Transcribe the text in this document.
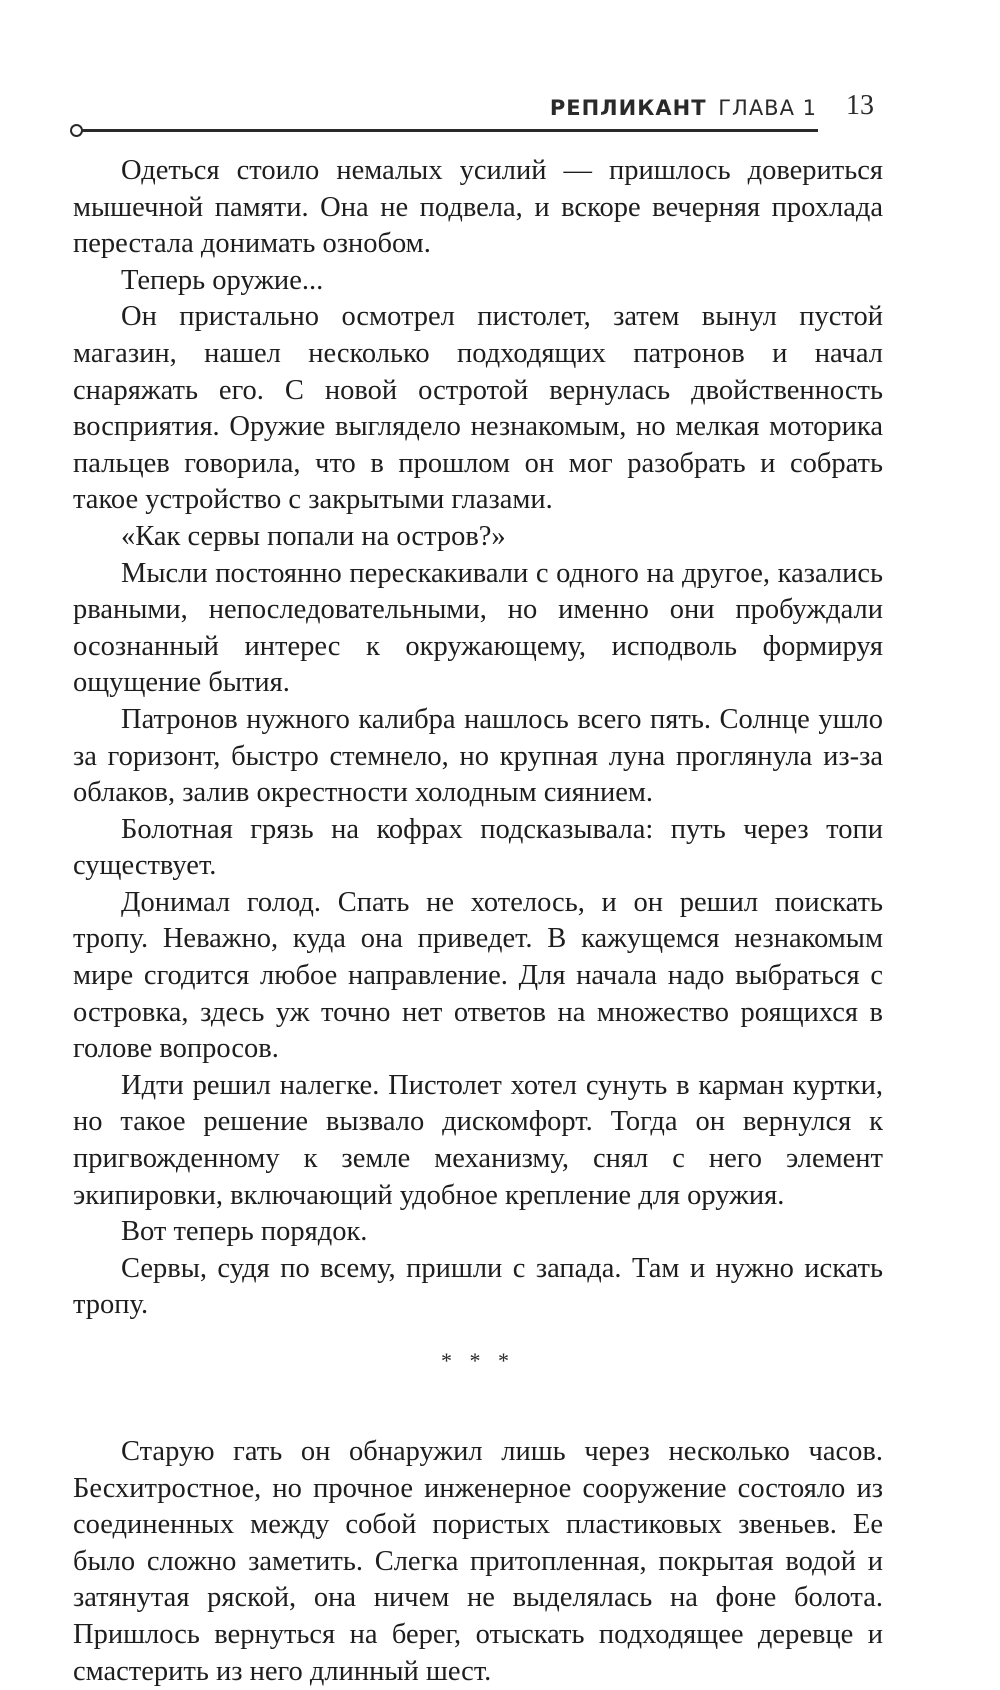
РЕПЛИКАНТ ГЛАВА 1 13

Одеться стоило немалых усилий — пришлось довериться мышечной памяти. Она не подвела, и вскоре вечерняя прохлада перестала донимать ознобом.

Теперь оружие...

Он пристально осмотрел пистолет, затем вынул пустой магазин, нашел несколько подходящих патронов и начал снаряжать его. С новой остротой вернулась двойственность восприятия. Оружие выглядело незнакомым, но мелкая моторика пальцев говорила, что в прошлом он мог разобрать и собрать такое устройство с закрытыми глазами.

«Как сервы попали на остров?»

Мысли постоянно перескакивали с одного на другое, казались рваными, непоследовательными, но именно они пробуждали осознанный интерес к окружающему, исподволь формируя ощущение бытия.

Патронов нужного калибра нашлось всего пять. Солнце ушло за горизонт, быстро стемнело, но крупная луна проглянула из-за облаков, залив окрестности холодным сиянием.

Болотная грязь на кофрах подсказывала: путь через топи существует.

Донимал голод. Спать не хотелось, и он решил поискать тропу. Неважно, куда она приведет. В кажущемся незнакомым мире сгодится любое направление. Для начала надо выбраться с островка, здесь уж точно нет ответов на множество роящихся в голове вопросов.

Идти решил налегке. Пистолет хотел сунуть в карман куртки, но такое решение вызвало дискомфорт. Тогда он вернулся к пригвожденному к земле механизму, снял с него элемент экипировки, включающий удобное крепление для оружия.

Вот теперь порядок.

Сервы, судя по всему, пришли с запада. Там и нужно искать тропу.

* * *

Старую гать он обнаружил лишь через несколько часов. Бесхитростное, но прочное инженерное сооружение состояло из соединенных между собой пористых пластиковых звеньев. Ее было сложно заметить. Слегка притопленная, покрытая водой и затянутая ряской, она ничем не выделялась на фоне болота. Пришлось вернуться на берег, отыскать подходящее деревце и смастерить из него длинный шест.
